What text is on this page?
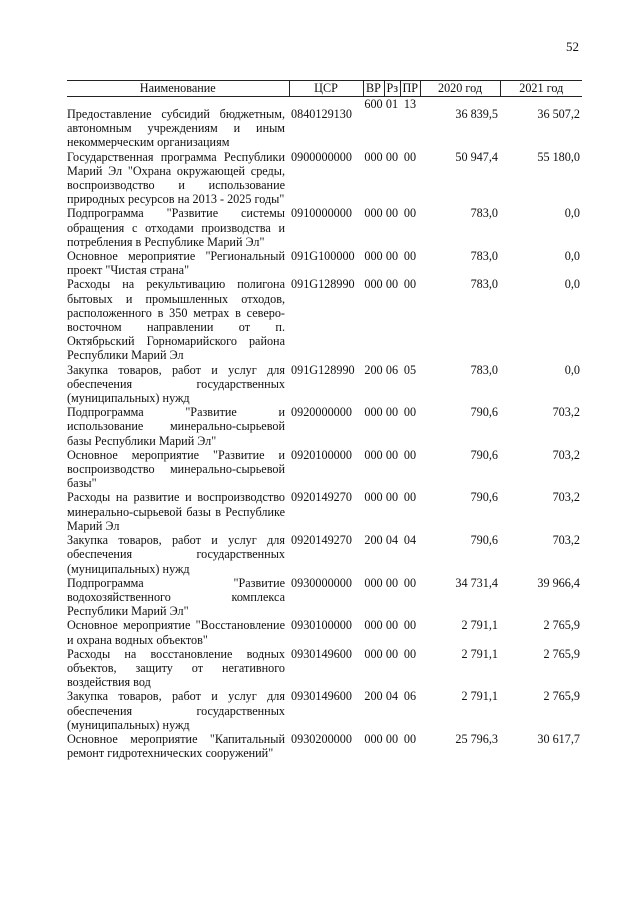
52
Наименование	ЦСР	ВР	Рз	ПР	2020 год	2021 год
Предоставление субсидий бюджетным, автономным учреждениям и иным некоммерческим организациям	0840129130	600	01	13	36 839,5	36 507,2
Государственная программа Республики Марий Эл "Охрана окружающей среды, воспроизводство и использование природных ресурсов на 2013 - 2025 годы"	0900000000	000	00	00	50 947,4	55 180,0
Подпрограмма "Развитие системы обращения с отходами производства и потребления в Республике Марий Эл"	0910000000	000	00	00	783,0	0,0
Основное мероприятие "Региональный проект "Чистая страна"	091G100000	000	00	00	783,0	0,0
Расходы на рекультивацию полигона бытовых и промышленных отходов, расположенного в 350 метрах в северо-восточном направлении от п. Октябрьский Горномарийского района Республики Марий Эл	091G128990	000	00	00	783,0	0,0
Закупка товаров, работ и услуг для обеспечения государственных (муниципальных) нужд	091G128990	200	06	05	783,0	0,0
Подпрограмма "Развитие и использование минерально-сырьевой базы Республики Марий Эл"	0920000000	000	00	00	790,6	703,2
Основное мероприятие "Развитие и воспроизводство минерально-сырьевой базы"	0920100000	000	00	00	790,6	703,2
Расходы на развитие и воспроизводство минерально-сырьевой базы в Республике Марий Эл	0920149270	000	00	00	790,6	703,2
Закупка товаров, работ и услуг для обеспечения государственных (муниципальных) нужд	0920149270	200	04	04	790,6	703,2
Подпрограмма "Развитие водохозяйственного комплекса Республики Марий Эл"	0930000000	000	00	00	34 731,4	39 966,4
Основное мероприятие "Восстановление и охрана водных объектов"	0930100000	000	00	00	2 791,1	2 765,9
Расходы на восстановление водных объектов, защиту от негативного воздействия вод	0930149600	000	00	00	2 791,1	2 765,9
Закупка товаров, работ и услуг для обеспечения государственных (муниципальных) нужд	0930149600	200	04	06	2 791,1	2 765,9
Основное мероприятие "Капитальный ремонт гидротехнических сооружений"	0930200000	000	00	00	25 796,3	30 617,7
